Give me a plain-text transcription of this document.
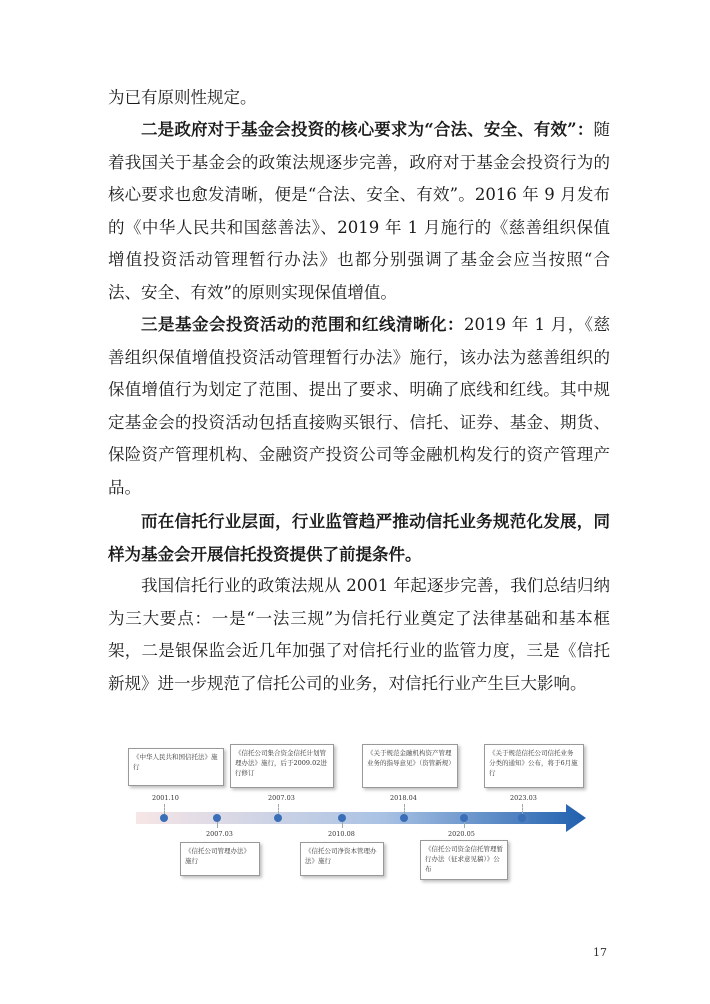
为已有原则性规定。

二是政府对于基金会投资的核心要求为“合法、安全、有效”：随着我国关于基金会的政策法规逐步完善，政府对于基金会投资行为的核心要求也愈发清晰，便是“合法、安全、有效”。2016 年 9 月发布的《中华人民共和国慈善法》、2019 年 1 月施行的《慈善组织保值增值投资活动管理暂行办法》也都分别强调了基金会应当按照“合法、安全、有效”的原则实现保值增值。

三是基金会投资活动的范围和红线清晰化：2019 年 1 月，《慈善组织保值增值投资活动管理暂行办法》施行，该办法为慈善组织的保值增值行为划定了范围、提出了要求、明确了底线和红线。其中规定基金会的投资活动包括直接购买银行、信托、证券、基金、期货、保险资产管理机构、金融资产投资公司等金融机构发行的资产管理产品。

而在信托行业层面，行业监管趋严推动信托业务规范化发展，同样为基金会开展信托投资提供了前提条件。

我国信托行业的政策法规从 2001 年起逐步完善，我们总结归纳为三大要点：一是“一法三规”为信托行业奠定了法律基础和基本框架，二是银保监会近几年加强了对信托行业的监管力度，三是《信托新规》进一步规范了信托公司的业务，对信托行业产生巨大影响。

《中华人民共和国信托法》施行
2001.10
2007.03
《信托公司管理办法》施行
《信托公司集合资金信托计划管理办法》施行，后于2009.02进行修订
2007.03
2010.08
《信托公司净资本管理办法》施行
《关于规范金融机构资产管理业务的指导意见》（资管新规）
2018.04
2020.05
《信托公司资金信托管理暂行办法（征求意见稿）》公布
《关于规范信托公司信托业务分类的通知》公布，将于6月施行
2023.03
17
